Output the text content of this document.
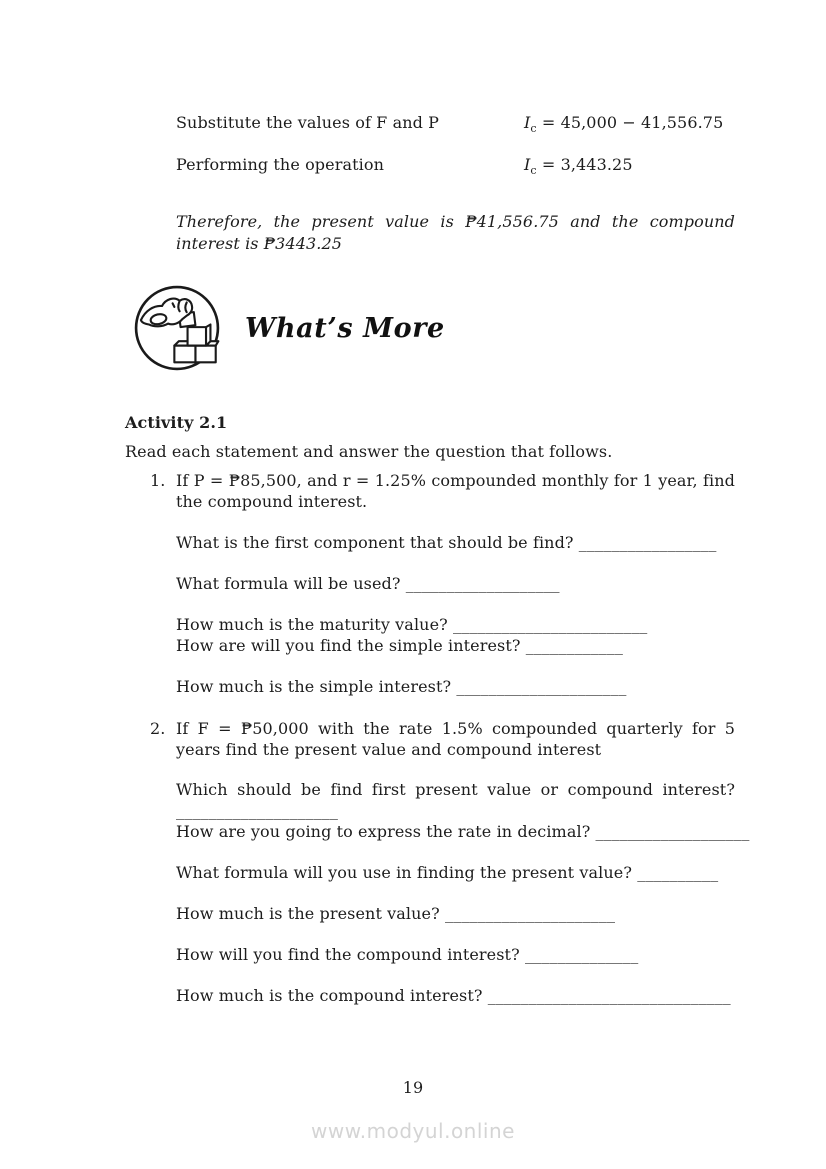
Substitute the values of F and P	$I_c = 45,000 - 41,556.75$
Performing the operation	$I_c = 3,443.25$

Therefore, the present value is ₱41,556.75 and the compound interest is ₱3443.25

What’s More
Activity 2.1
Read each statement and answer the question that follows.
1. If P = ₱85,500, and r = 1.25% compounded monthly for 1 year, find the compound interest.

What is the first component that should be find? _________________

What formula will be used? ___________________

How much is the maturity value? ________________________

How are will you find the simple interest? ____________

How much is the simple interest? _____________________

2. If F = ₱50,000 with the rate 1.5% compounded quarterly for 5 years find the present value and compound interest

Which should be find first present value or compound interest?

____________________

How are you going to express the rate in decimal? ___________________

What formula will you use in finding the present value? __________

How much is the present value? _____________________

How will you find the compound interest? ______________

How much is the compound interest? ______________________________

19
www.modyul.online
